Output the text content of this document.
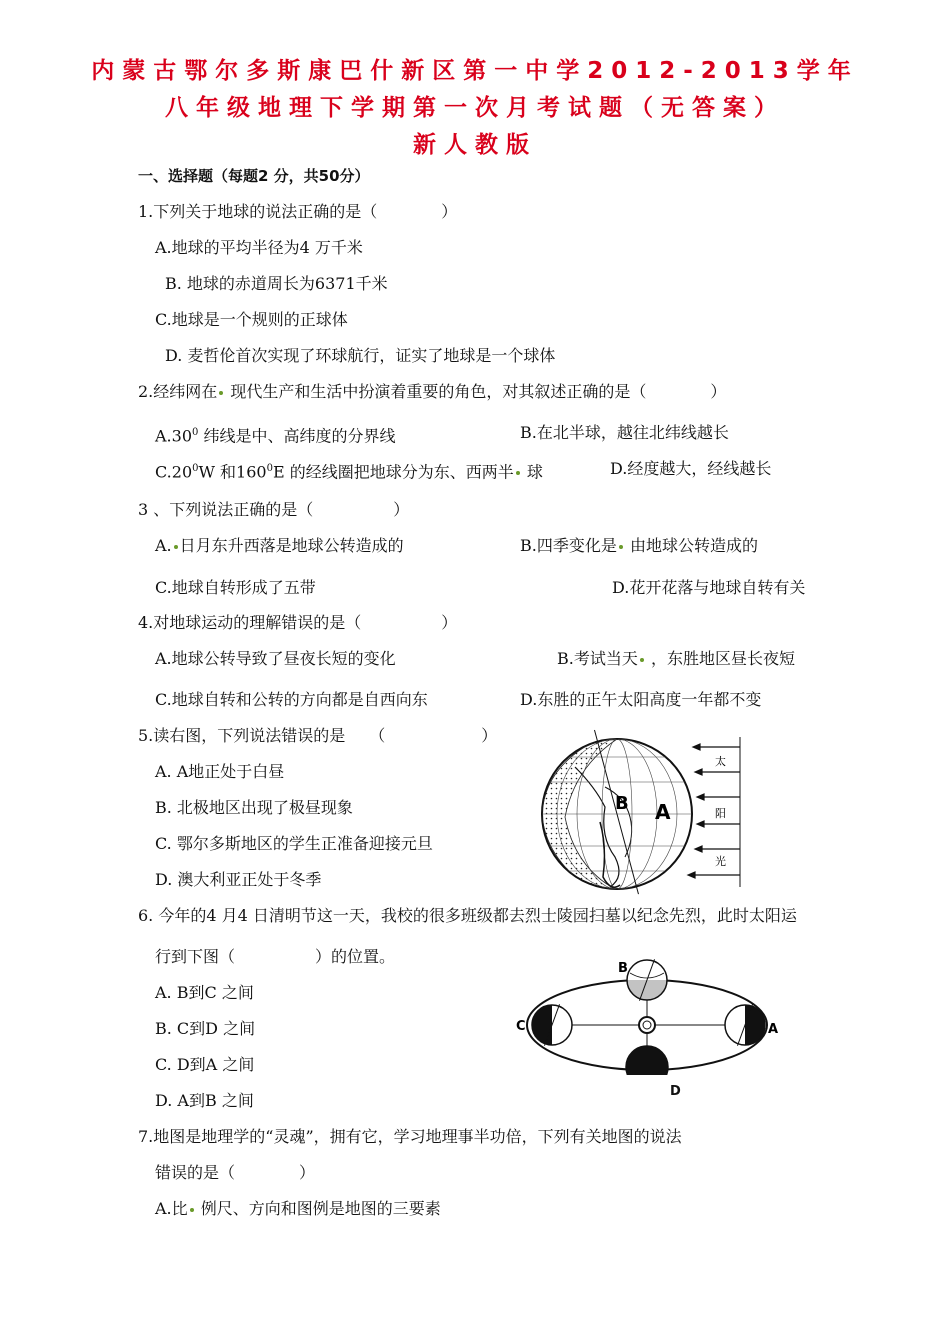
内蒙古鄂尔多斯康巴什新区第一中学2012-2013学年
八年级地理下学期第一次月考试题（无答案）
新人教版
一、选择题（每题2 分，共50分）
1.下列关于地球的说法正确的是（　　　　）
A.地球的平均半径为4 万千米
B. 地球的赤道周长为6371千米
C.地球是一个规则的正球体
D. 麦哲伦首次实现了环球航行，证实了地球是一个球体
2.经纬网在 现代生产和生活中扮演着重要的角色，对其叙述正确的是（　　　　）
$A.30^0$ 纬线是中、高纬度的分界线	B.在北半球，越往北纬线越长
$C.20^0W$ 和$160^0E$ 的经线圈把地球分为东、西两半 球	D.经度越大，经线越长
3 、下列说法正确的是（　　　　　）
A. 日月东升西落是地球公转造成的	B.四季变化是 由地球公转造成的
C.地球自转形成了五带	D.花开花落与地球自转有关
4.对地球运动的理解错误的是（　　　　　）
A.地球公转导致了昼夜长短的变化	B.考试当天 ，东胜地区昼长夜短
C.地球自转和公转的方向都是自西向东	D.东胜的正午太阳高度一年都不变
5.读右图，下列说法错误的是　　（　　　　　　）
A. A地正处于白昼
B. 北极地区出现了极昼现象
C. 鄂尔多斯地区的学生正准备迎接元旦
D. 澳大利亚正处于冬季
B A
太
阳
光
6. 今年的4 月4 日清明节这一天，我校的很多班级都去烈士陵园扫墓以纪念先烈，此时太阳运
行到下图（　　　　　）的位置。
A. B到C 之间
B. C到D 之间
C. D到A 之间
D. A到B 之间
B
C	A
D
7.地图是地理学的“灵魂”，拥有它，学习地理事半功倍，下列有关地图的说法
错误的是（　　　　）
A.比 例尺、方向和图例是地图的三要素
